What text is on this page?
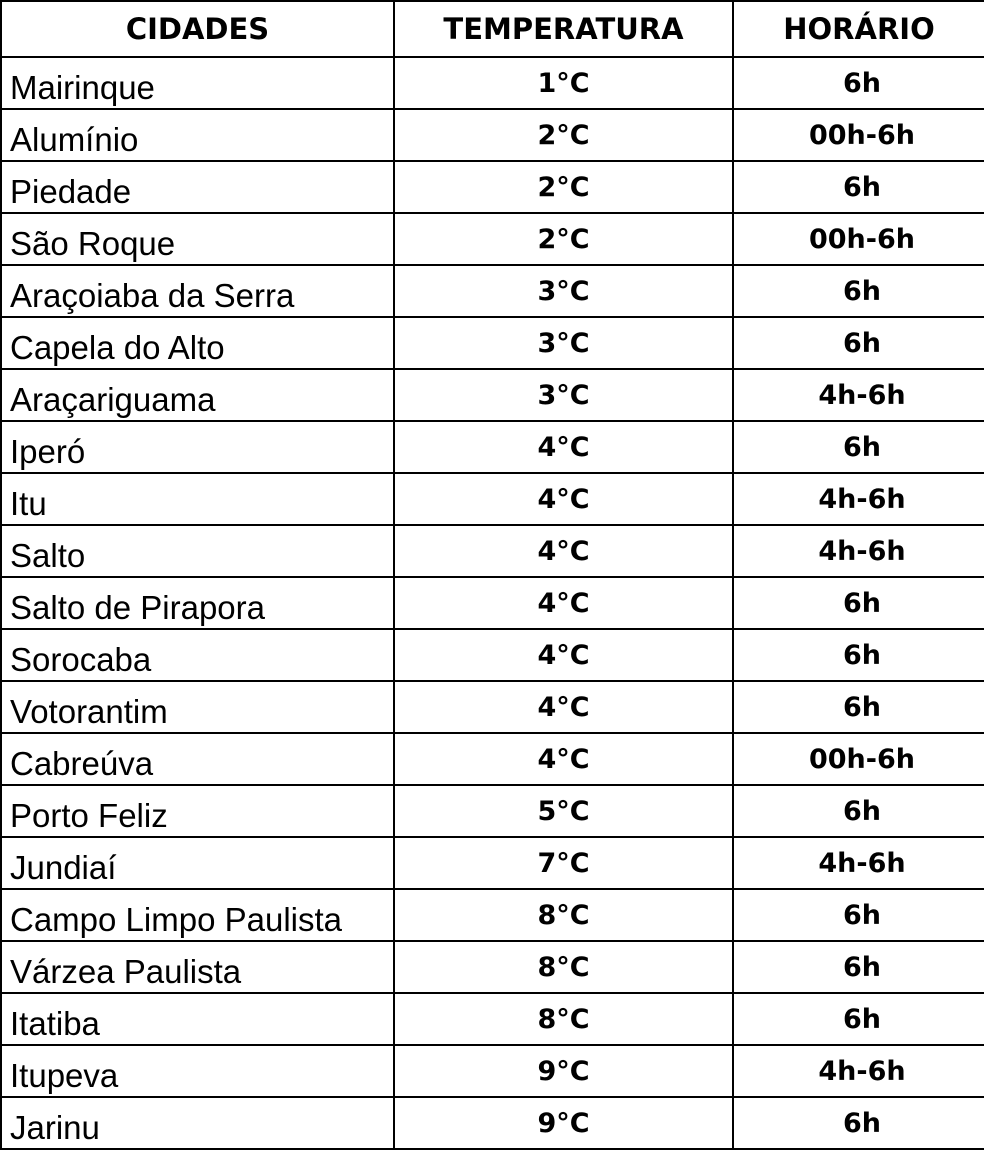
CIDADES	TEMPERATURA	HORÁRIO
Mairinque	1°C	6h
Alumínio	2°C	00h-6h
Piedade	2°C	6h
São Roque	2°C	00h-6h
Araçoiaba da Serra	3°C	6h
Capela do Alto	3°C	6h
Araçariguama	3°C	4h-6h
Iperó	4°C	6h
Itu	4°C	4h-6h
Salto	4°C	4h-6h
Salto de Pirapora	4°C	6h
Sorocaba	4°C	6h
Votorantim	4°C	6h
Cabreúva	4°C	00h-6h
Porto Feliz	5°C	6h
Jundiaí	7°C	4h-6h
Campo Limpo Paulista	8°C	6h
Várzea Paulista	8°C	6h
Itatiba	8°C	6h
Itupeva	9°C	4h-6h
Jarinu	9°C	6h
